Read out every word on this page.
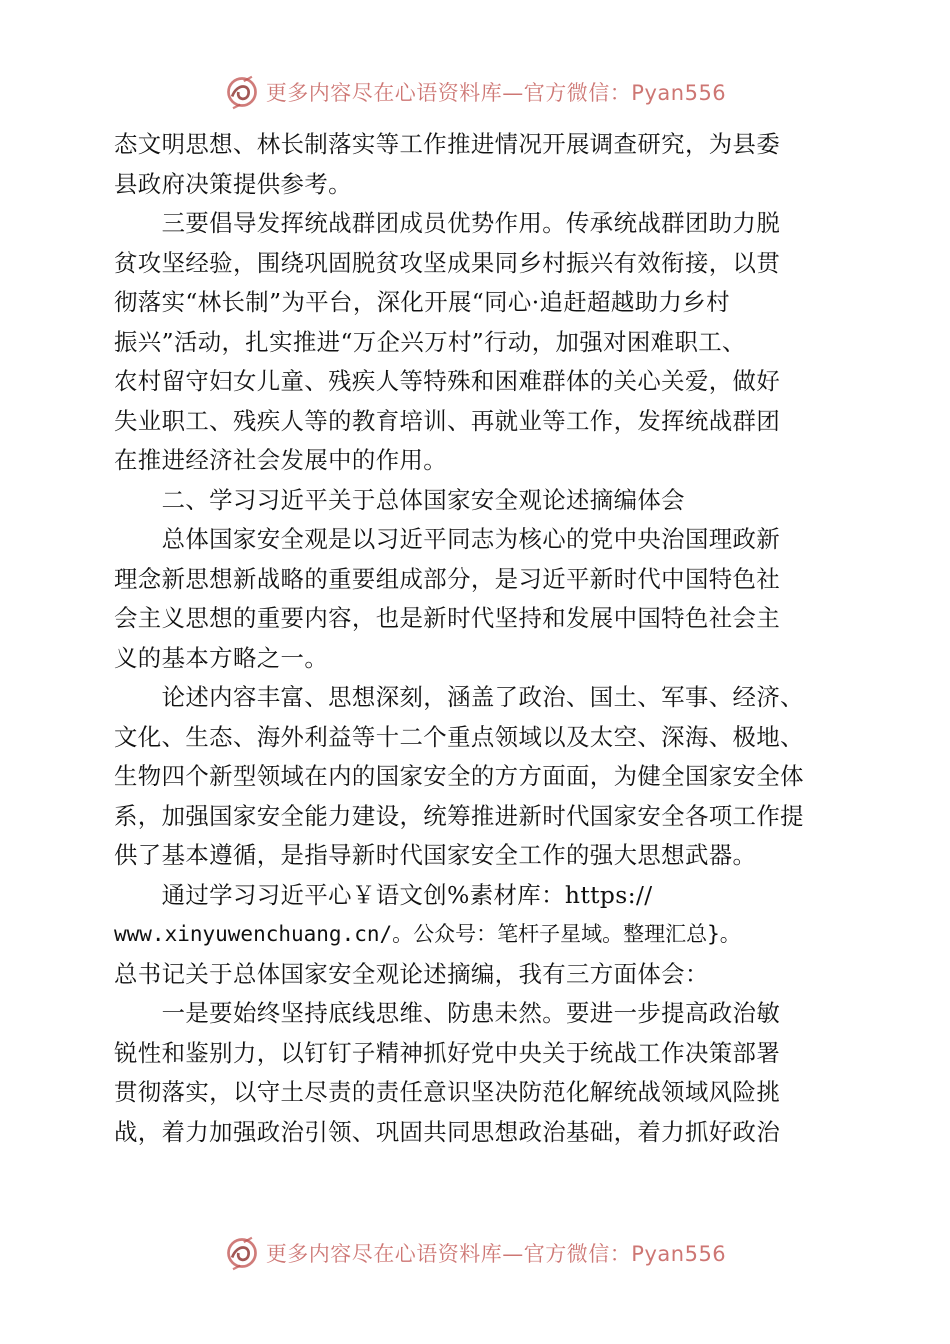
更多内容尽在心语资料库—官方微信：Pyan556

态文明思想、林长制落实等工作推进情况开展调查研究，为县委

县政府决策提供参考。

　　三要倡导发挥统战群团成员优势作用。传承统战群团助力脱

贫攻坚经验，围绕巩固脱贫攻坚成果同乡村振兴有效衔接，以贯

彻落实“林长制”为平台，深化开展“同心·追赶超越助力乡村

振兴”活动，扎实推进“万企兴万村”行动，加强对困难职工、

农村留守妇女儿童、残疾人等特殊和困难群体的关心关爱，做好

失业职工、残疾人等的教育培训、再就业等工作，发挥统战群团

在推进经济社会发展中的作用。

　　二、学习习近平关于总体国家安全观论述摘编体会

　　总体国家安全观是以习近平同志为核心的党中央治国理政新

理念新思想新战略的重要组成部分，是习近平新时代中国特色社

会主义思想的重要内容，也是新时代坚持和发展中国特色社会主

义的基本方略之一。

　　论述内容丰富、思想深刻，涵盖了政治、国土、军事、经济、

文化、生态、海外利益等十二个重点领域以及太空、深海、极地、

生物四个新型领域在内的国家安全的方方面面，为健全国家安全体

系，加强国家安全能力建设，统筹推进新时代国家安全各项工作提

供了基本遵循，是指导新时代国家安全工作的强大思想武器。

　　通过学习习近平心￥语文创%素材库：https://

www.xinyuwenchuang.cn/。公众号：笔杆子星域。整理汇总}。

总书记关于总体国家安全观论述摘编，我有三方面体会：

　　一是要始终坚持底线思维、防患未然。要进一步提高政治敏

锐性和鉴别力，以钉钉子精神抓好党中央关于统战工作决策部署

贯彻落实，以守土尽责的责任意识坚决防范化解统战领域风险挑

战，着力加强政治引领、巩固共同思想政治基础，着力抓好政治

更多内容尽在心语资料库—官方微信：Pyan556
